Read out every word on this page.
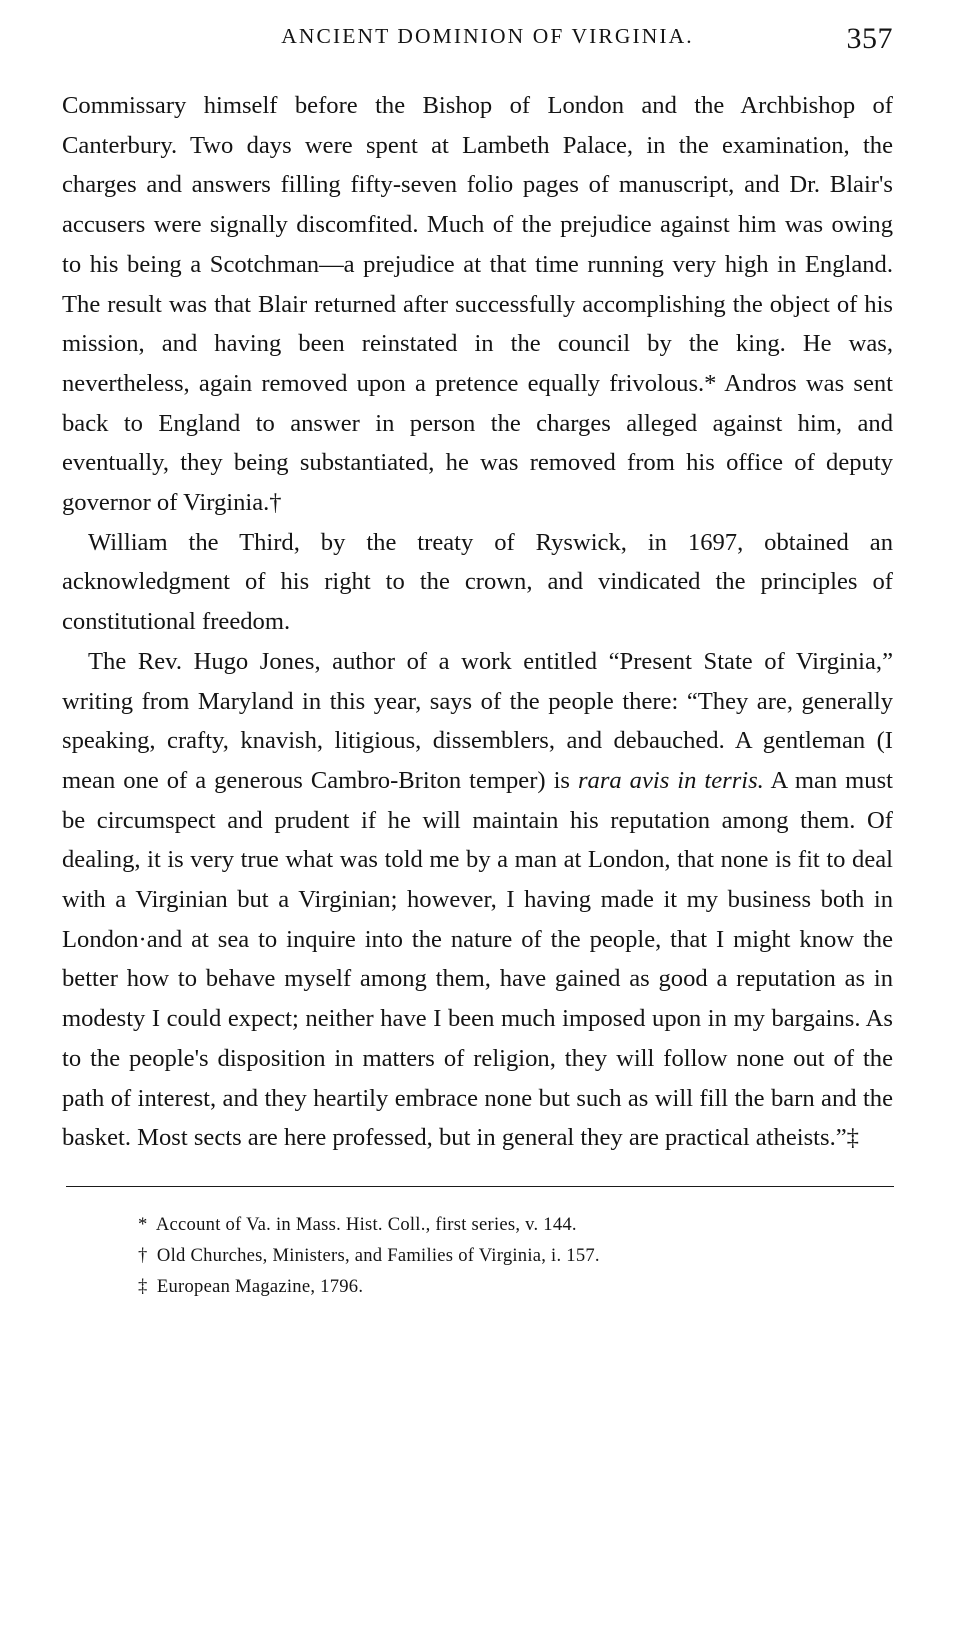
ANCIENT DOMINION OF VIRGINIA.	357

Commissary himself before the Bishop of London and the Archbishop of Canterbury. Two days were spent at Lambeth Palace, in the examination, the charges and answers filling fifty-seven folio pages of manuscript, and Dr. Blair's accusers were signally discomfited. Much of the prejudice against him was owing to his being a Scotchman—a prejudice at that time running very high in England. The result was that Blair returned after successfully accomplishing the object of his mission, and having been reinstated in the council by the king. He was, nevertheless, again removed upon a pretence equally frivolous.* Andros was sent back to England to answer in person the charges alleged against him, and eventually, they being substantiated, he was removed from his office of deputy governor of Virginia.†

William the Third, by the treaty of Ryswick, in 1697, obtained an acknowledgment of his right to the crown, and vindicated the principles of constitutional freedom.

The Rev. Hugo Jones, author of a work entitled “Present State of Virginia,” writing from Maryland in this year, says of the people there: “They are, generally speaking, crafty, knavish, litigious, dissemblers, and debauched. A gentleman (I mean one of a generous Cambro-Briton temper) is rara avis in terris. A man must be circumspect and prudent if he will maintain his reputation among them. Of dealing, it is very true what was told me by a man at London, that none is fit to deal with a Virginian but a Virginian; however, I having made it my business both in London·and at sea to inquire into the nature of the people, that I might know the better how to behave myself among them, have gained as good a reputation as in modesty I could expect; neither have I been much imposed upon in my bargains. As to the people's disposition in matters of religion, they will follow none out of the path of interest, and they heartily embrace none but such as will fill the barn and the basket. Most sects are here professed, but in general they are practical atheists.”‡

* Account of Va. in Mass. Hist. Coll., first series, v. 144.
† Old Churches, Ministers, and Families of Virginia, i. 157.
‡ European Magazine, 1796.
